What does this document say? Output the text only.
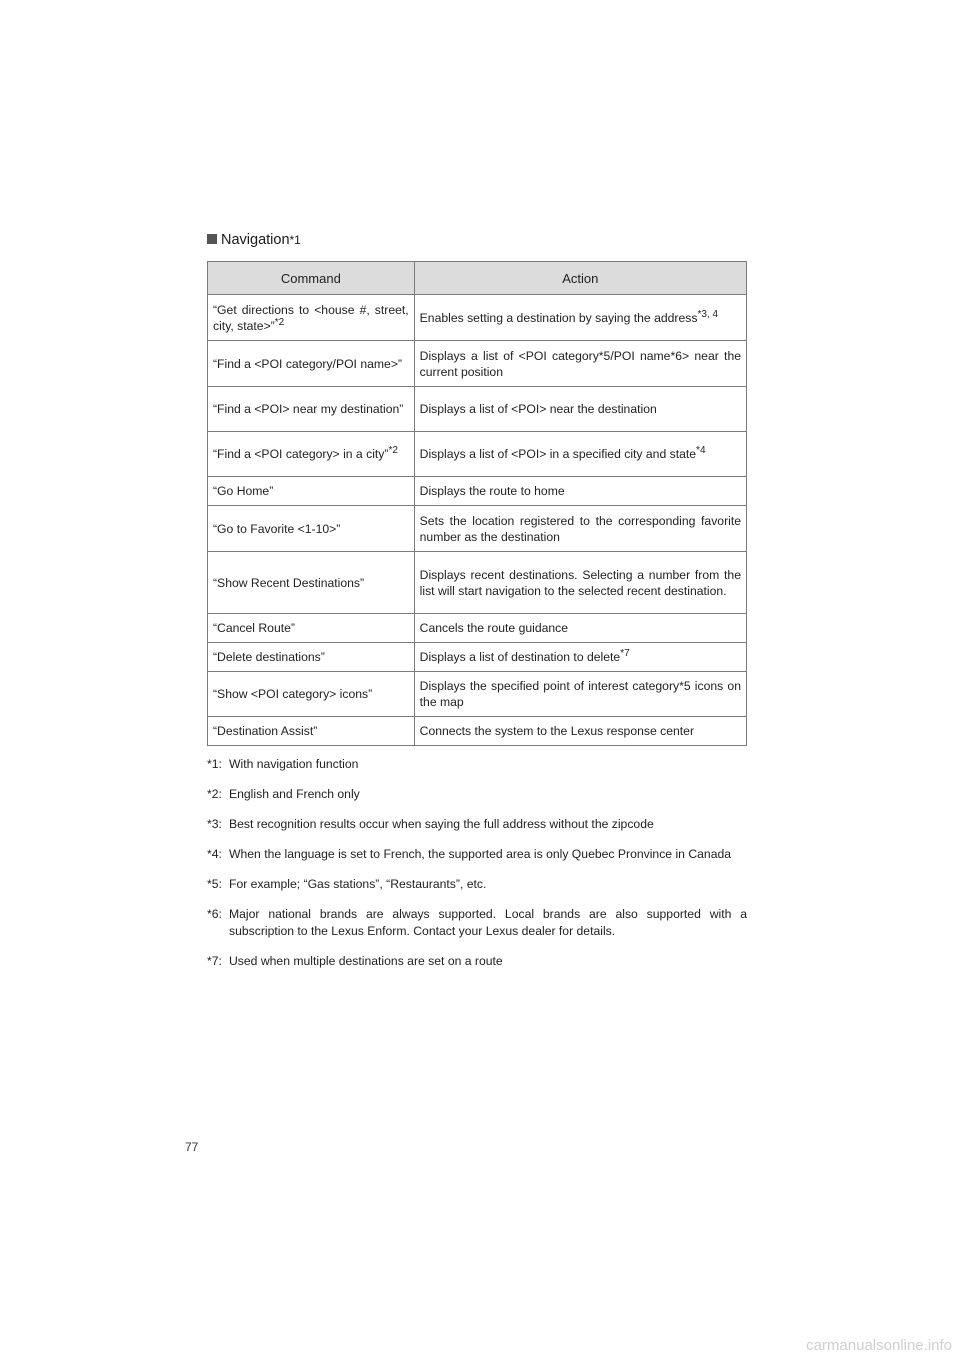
Navigation *1
Command	Action
“Get directions to <house #, street, city, state>”$^{*2}$	Enables setting a destination by saying the address$^{*3, 4}$
“Find a <POI category/POI name>”	Displays a list of <POI category*5/POI name*6> near the current position
“Find a <POI> near my destination”	Displays a list of <POI> near the destination
“Find a <POI category> in a city”$^{*2}$	Displays a list of <POI> in a specified city and state$^{*4}$
“Go Home”	Displays the route to home
“Go to Favorite <1-10>”	Sets the location registered to the corresponding favorite number as the destination
“Show Recent Destinations”	Displays recent destinations. Selecting a number from the list will start navigation to the selected recent destination.
“Cancel Route”	Cancels the route guidance
“Delete destinations”	Displays a list of destination to delete$^{*7}$
“Show <POI category> icons”	Displays the specified point of interest category*5 icons on the map
“Destination Assist”	Connects the system to the Lexus response center
*1: With navigation function
*2: English and French only
*3: Best recognition results occur when saying the full address without the zipcode
*4: When the language is set to French, the supported area is only Quebec Pronvince in Canada
*5: For example; “Gas stations”, “Restaurants”, etc.
*6: Major national brands are always supported. Local brands are also supported with a subscription to the Lexus Enform. Contact your Lexus dealer for details.
*7: Used when multiple destinations are set on a route
77
carmanualsonline.info
